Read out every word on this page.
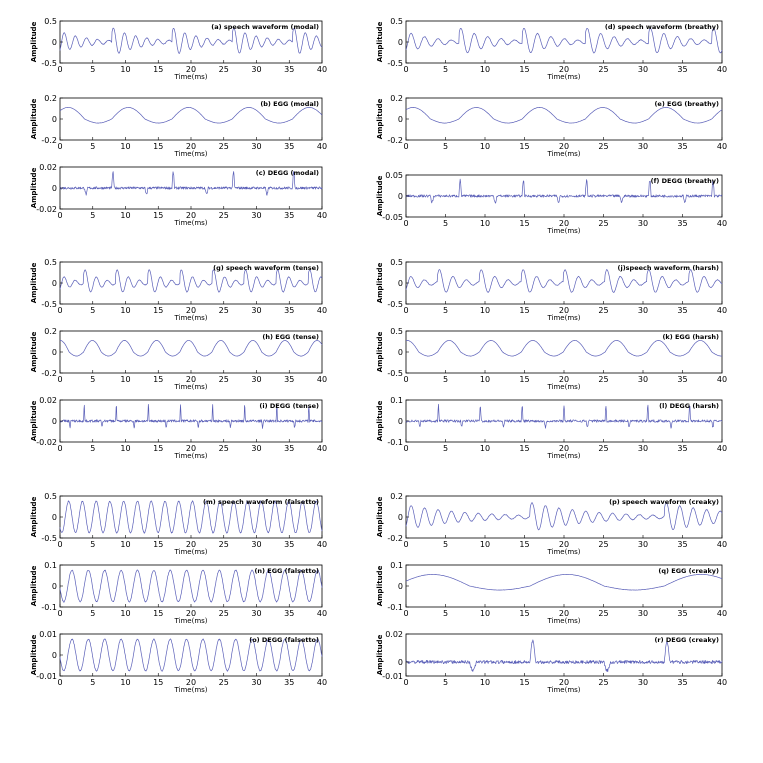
0	5	10	15	20	25	30	35	40
0.5
0
-0.5
Time(ms)
Amplitude	(a) speech waveform (modal)
0	5	10	15	20	25	30	35	40
0.2
0
-0.2
Time(ms)
Amplitude	(b) EGG (modal)
0	5	10	15	20	25	30	35	40
0.02
0
-0.02
Time(ms)
Amplitude	(c) DEGG (modal)
0	5	10	15	20	25	30	35	40
0.5
0
-0.5
Time(ms)
Amplitude	(d) speech waveform (breathy)
0	5	10	15	20	25	30	35	40
0.2
0
-0.2
Time(ms)
Amplitude	(e) EGG (breathy)
0	5	10	15	20	25	30	35	40
0.05
0
-0.05
Time(ms)
Amplitude	(f) DEGG (breathy)
0	5	10	15	20	25	30	35	40
0.5
0
-0.5
Time(ms)
Amplitude	(g) speech waveform (tense)
0	5	10	15	20	25	30	35	40
0.2
0
-0.2
Time(ms)
Amplitude	(h) EGG (tense)
0	5	10	15	20	25	30	35	40
0.02
0
-0.02
Time(ms)
Amplitude	(i) DEGG (tense)
0	5	10	15	20	25	30	35	40
0.5
0
-0.5
Time(ms)
Amplitude	(j)speech waveform (harsh)
0	5	10	15	20	25	30	35	40
0.5
0
-0.5
Time(ms)
Amplitude	(k) EGG (harsh)
0	5	10	15	20	25	30	35	40
0.1
0
-0.1
Time(ms)
Amplitude	(l) DEGG (harsh)
0	5	10	15	20	25	30	35	40
0.5
0
-0.5
Time(ms)
Amplitude	(m) speech waveform (falsetto)
0	5	10	15	20	25	30	35	40
0.1
0
-0.1
Time(ms)
Amplitude	(n) EGG (falsetto)
0	5	10	15	20	25	30	35	40
0.01
0
-0.01
Time(ms)
Amplitude	(o) DEGG (falsetto)
0	5	10	15	20	25	30	35	40
0.2
0
-0.2
Time(ms)
Amplitude	(p) speech waveform (creaky)
0	5	10	15	20	25	30	35	40
0.1
0
-0.1
Time(ms)
Amplitude	(q) EGG (creaky)
0	5	10	15	20	25	30	35	40
0.02
0
-0.01
Time(ms)
Amplitude	(r) DEGG (creaky)
